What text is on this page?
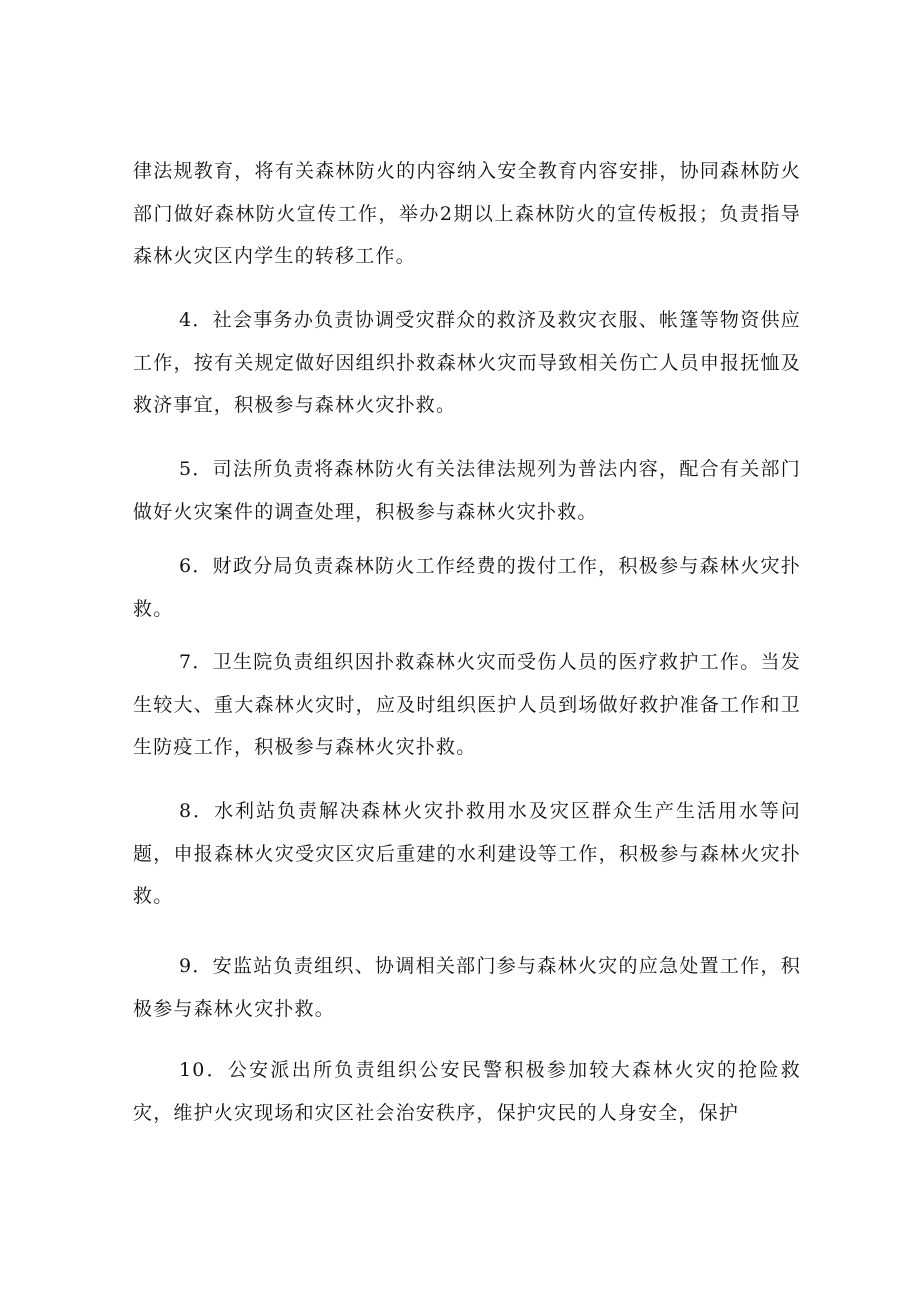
律法规教育，将有关森林防火的内容纳入安全教育内容安排，协同森林防火部门做好森林防火宣传工作，举办2期以上森林防火的宣传板报；负责指导森林火灾区内学生的转移工作。

4．社会事务办负责协调受灾群众的救济及救灾衣服、帐篷等物资供应工作，按有关规定做好因组织扑救森林火灾而导致相关伤亡人员申报抚恤及救济事宜，积极参与森林火灾扑救。

5．司法所负责将森林防火有关法律法规列为普法内容，配合有关部门做好火灾案件的调查处理，积极参与森林火灾扑救。

6．财政分局负责森林防火工作经费的拨付工作，积极参与森林火灾扑救。

7．卫生院负责组织因扑救森林火灾而受伤人员的医疗救护工作。当发生较大、重大森林火灾时，应及时组织医护人员到场做好救护准备工作和卫生防疫工作，积极参与森林火灾扑救。

8．水利站负责解决森林火灾扑救用水及灾区群众生产生活用水等问题，申报森林火灾受灾区灾后重建的水利建设等工作，积极参与森林火灾扑救。

9．安监站负责组织、协调相关部门参与森林火灾的应急处置工作，积极参与森林火灾扑救。

10．公安派出所负责组织公安民警积极参加较大森林火灾的抢险救灾，维护火灾现场和灾区社会治安秩序，保护灾民的人身安全，保护
